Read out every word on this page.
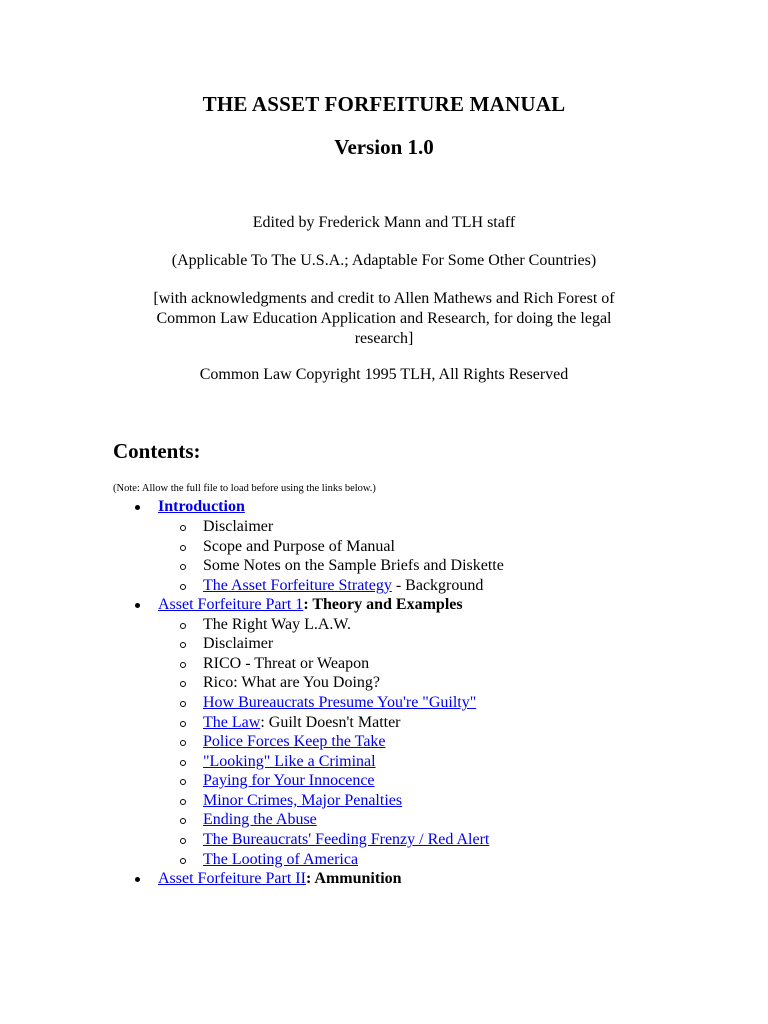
THE ASSET FORFEITURE MANUAL
Version 1.0
Edited by Frederick Mann and TLH staff
(Applicable To The U.S.A.; Adaptable For Some Other Countries)
[with acknowledgments and credit to Allen Mathews and Rich Forest of Common Law Education Application and Research, for doing the legal research]
Common Law Copyright 1995 TLH, All Rights Reserved
Contents:
(Note: Allow the full file to load before using the links below.)
Introduction
Disclaimer
Scope and Purpose of Manual
Some Notes on the Sample Briefs and Diskette
The Asset Forfeiture Strategy - Background
Asset Forfeiture Part 1: Theory and Examples
The Right Way L.A.W.
Disclaimer
RICO - Threat or Weapon
Rico: What are You Doing?
How Bureaucrats Presume You're "Guilty"
The Law: Guilt Doesn't Matter
Police Forces Keep the Take
"Looking" Like a Criminal
Paying for Your Innocence
Minor Crimes, Major Penalties
Ending the Abuse
The Bureaucrats' Feeding Frenzy / Red Alert
The Looting of America
Asset Forfeiture Part II: Ammunition
